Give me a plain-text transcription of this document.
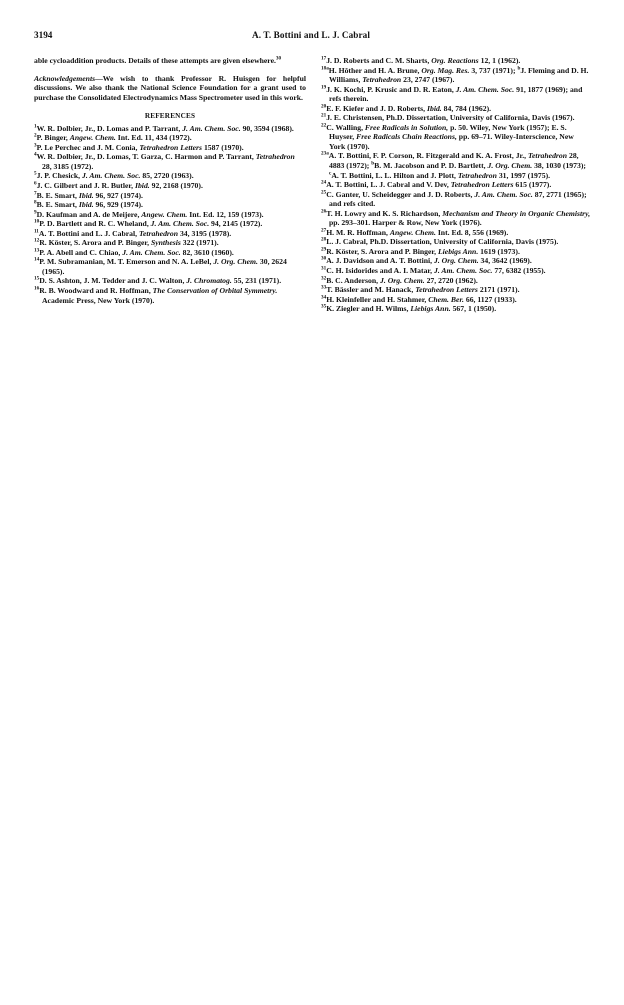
3194	A. T. Bottini and L. J. Cabral

able cycloaddition products. Details of these attempts are given elsewhere.$^{30}$

Acknowledgements—We wish to thank Professor R. Huisgen for helpful discussions. We also thank the National Science Foundation for a grant used to purchase the Consolidated Electrodynamics Mass Spectrometer used in this work.

REFERENCES

$^1$W. R. Dolbier, Jr., D. Lomas and P. Tarrant, J. Am. Chem. Soc. 90, 3594 (1968).

$^2$P. Binger, Angew. Chem. Int. Ed. 11, 434 (1972).

$^3$P. Le Perchec and J. M. Conia, Tetrahedron Letters 1587 (1970).

$^4$W. R. Dolbier, Jr., D. Lomas, T. Garza, C. Harmon and P. Tarrant, Tetrahedron 28, 3185 (1972).

$^5$J. P. Chesick, J. Am. Chem. Soc. 85, 2720 (1963).

$^6$J. C. Gilbert and J. R. Butler, Ibid. 92, 2168 (1970).

$^7$B. E. Smart, Ibid. 96, 927 (1974).

$^8$B. E. Smart, Ibid. 96, 929 (1974).

$^9$D. Kaufman and A. de Meijere, Angew. Chem. Int. Ed. 12, 159 (1973).

$^{10}$P. D. Bartlett and R. C. Wheland, J. Am. Chem. Soc. 94, 2145 (1972).

$^{11}$A. T. Bottini and L. J. Cabral, Tetrahedron 34, 3195 (1978).

$^{12}$R. Köster, S. Arora and P. Binger, Synthesis 322 (1971).

$^{13}$P. A. Abell and C. Chiao, J. Am. Chem. Soc. 82, 3610 (1960).

$^{14}$P. M. Subramanian, M. T. Emerson and N. A. LeBel, J. Org. Chem. 30, 2624 (1965).

$^{15}$D. S. Ashton, J. M. Tedder and J. C. Walton, J. Chromatog. 55, 231 (1971).

$^{16}$R. B. Woodward and R. Hoffman, The Conservation of Orbital Symmetry. Academic Press, New York (1970).

$^{17}$J. D. Roberts and C. M. Sharts, Org. Reactions 12, 1 (1962).

$^{18a}$H. Hǒther and H. A. Brune, Org. Mag. Res. 3, 737 (1971); $^b$J. Fleming and D. H. Williams, Tetrahedron 23, 2747 (1967).

$^{19}$J. K. Kochi, P. Krusic and D. R. Eaton, J. Am. Chem. Soc. 91, 1877 (1969); and refs therein.

$^{20}$E. F. Kiefer and J. D. Roberts, Ibid. 84, 784 (1962).

$^{21}$J. E. Christensen, Ph.D. Dissertation, University of California, Davis (1967).

$^{22}$C. Walling, Free Radicals in Solution, p. 50. Wiley, New York (1957); E. S. Huyser, Free Radicals Chain Reactions, pp. 69–71. Wiley-Interscience, New York (1970).

$^{23a}$A. T. Bottini, F. P. Corson, R. Fitzgerald and K. A. Frost, Jr., Tetrahedron 28, 4883 (1972); $^b$B. M. Jacobson and P. D. Bartlett, J. Org. Chem. 38, 1030 (1973); $^c$A. T. Bottini, L. L. Hilton and J. Plott, Tetrahedron 31, 1997 (1975).

$^{24}$A. T. Bottini, L. J. Cabral and V. Dev, Tetrahedron Letters 615 (1977).

$^{25}$C. Ganter, U. Scheidegger and J. D. Roberts, J. Am. Chem. Soc. 87, 2771 (1965); and refs cited.

$^{26}$T. H. Lowry and K. S. Richardson, Mechanism and Theory in Organic Chemistry, pp. 293–301. Harper & Row, New York (1976).

$^{27}$H. M. R. Hoffman, Angew. Chem. Int. Ed. 8, 556 (1969).

$^{28}$L. J. Cabral, Ph.D. Dissertation, University of California, Davis (1975).

$^{29}$R. Köster, S. Arora and P. Binger, Liebigs Ann. 1619 (1973).

$^{30}$A. J. Davidson and A. T. Bottini, J. Org. Chem. 34, 3642 (1969).

$^{31}$C. H. Isidorides and A. I. Matar, J. Am. Chem. Soc. 77, 6382 (1955).

$^{32}$B. C. Anderson, J. Org. Chem. 27, 2720 (1962).

$^{33}$T. Bässler and M. Hanack, Tetrahedron Letters 2171 (1971).

$^{34}$H. Kleinfeller and H. Stahmer, Chem. Ber. 66, 1127 (1933).

$^{35}$K. Ziegler and H. Wilms, Liebigs Ann. 567, 1 (1950).
